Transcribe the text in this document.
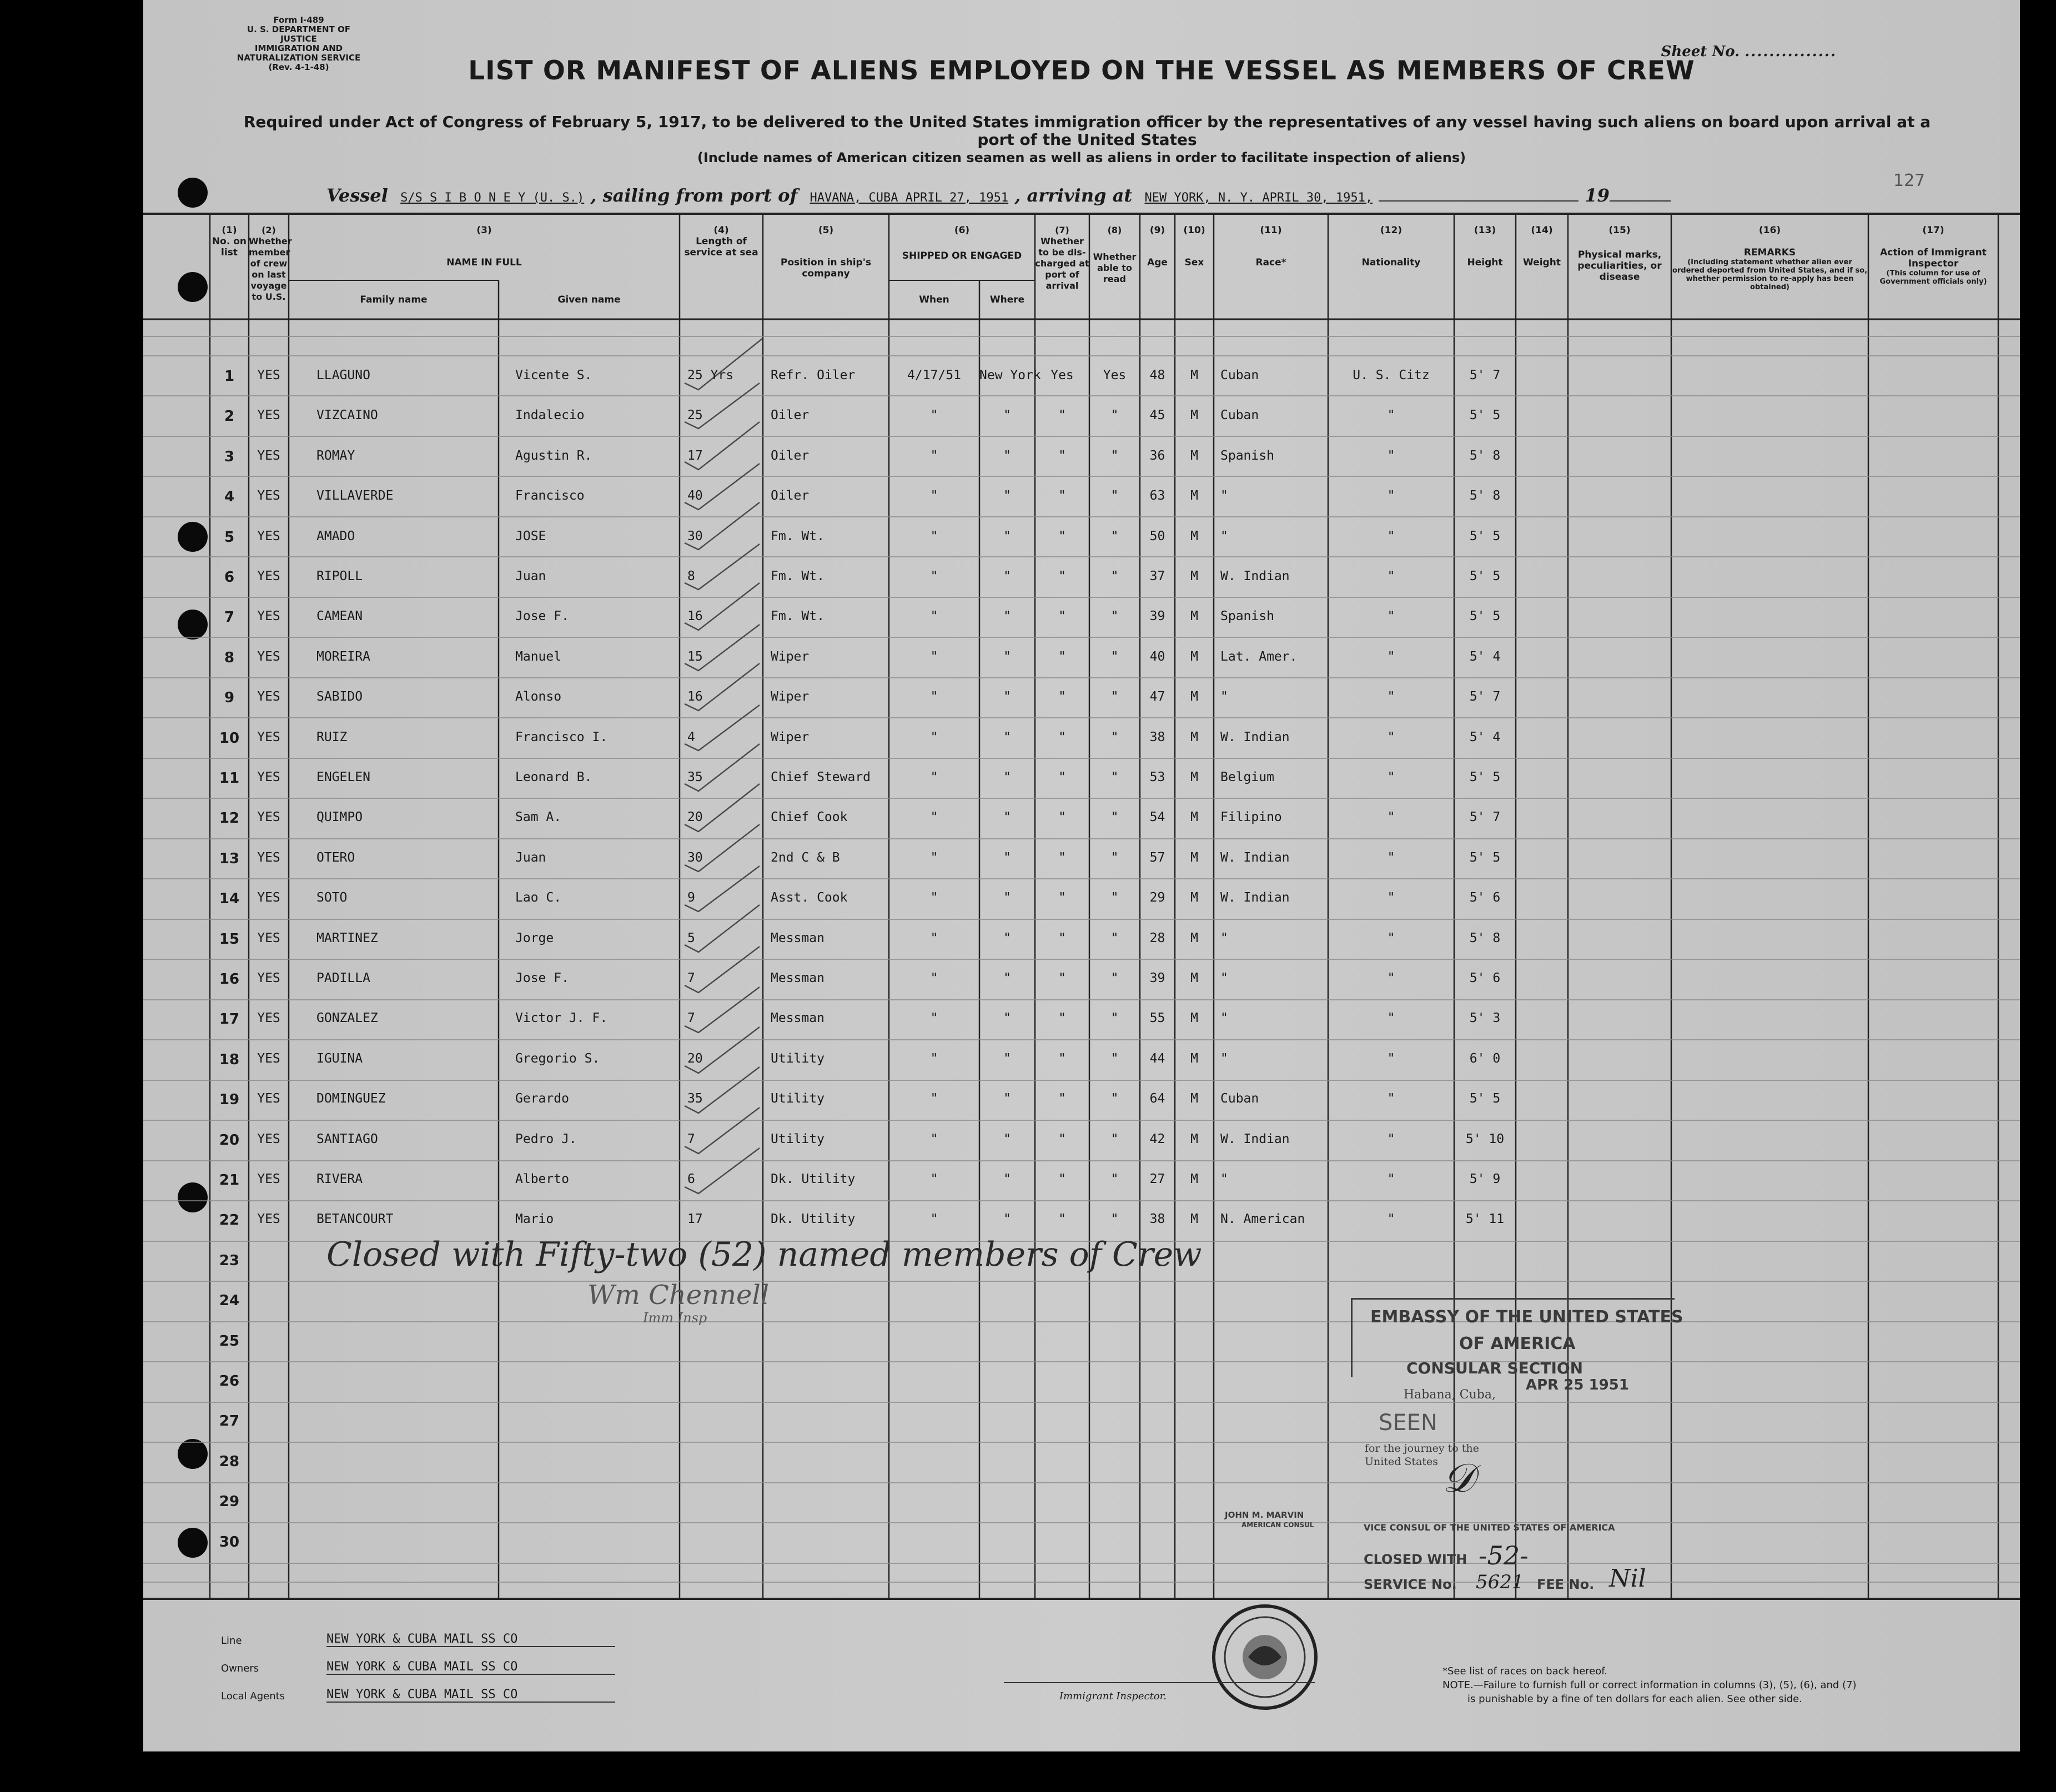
Form I-489
U. S. DEPARTMENT OF JUSTICE
IMMIGRATION AND NATURALIZATION SERVICE
(Rev. 4-1-48)
Sheet No. ...............
LIST OR MANIFEST OF ALIENS EMPLOYED ON THE VESSEL AS MEMBERS OF CREW
Required under Act of Congress of February 5, 1917, to be delivered to the United States immigration officer by the representatives of any vessel having such aliens on board upon arrival at a port of the United States
(Include names of American citizen seamen as well as aliens in order to facilitate inspection of aliens)
Vessel S/S S I B O N E Y (U. S.) , sailing from port of HAVANA, CUBA APRIL 27, 1951 , arriving at NEW YORK, N. Y. APRIL 30, 1951,	19
127
(1)
No. on list
(2)
Whether member of crew on last voyage to U.S.
(3)
NAME IN FULL
Family name	Given name
(4)
Length of service at sea
(5)
Position in ship's company
(6)
SHIPPED OR ENGAGED
When	Where
(7)
Whether to be dis-charged at port of arrival
(8)
Whether able to read
(9)
Age
(10)
Sex
(11)
Race*
(12)
Nationality
(13)
Height
(14)
Weight
(15)
Physical marks, peculiarities, or disease
(16)
REMARKS
(Including statement whether alien ever ordered deported from United States, and if so, whether permission to re-apply has been obtained)
(17)
Action of Immigrant Inspector
(This column for use of Government officials only)
1	YES	LLAGUNO	Vicente S.	25 Yrs	Refr. Oiler	4/17/51	New York Yes	Yes	48	M	Cuban	U. S. Citz	5' 7
2	YES	VIZCAINO	Indalecio	25	Oiler	"	"	"	"	45	M	Cuban	"	5' 5
3	YES	ROMAY	Agustin R.	17	Oiler	"	"	"	"	36	M	Spanish	"	5' 8
4	YES	VILLAVERDE	Francisco	40	Oiler	"	"	"	"	63	M	"	"	5' 8
5	YES	AMADO	JOSE	30	Fm. Wt.	"	"	"	"	50	M	"	"	5' 5
6	YES	RIPOLL	Juan	8	Fm. Wt.	"	"	"	"	37	M	W. Indian	"	5' 5
7	YES	CAMEAN	Jose F.	16	Fm. Wt.	"	"	"	"	39	M	Spanish	"	5' 5
8	YES	MOREIRA	Manuel	15	Wiper	"	"	"	"	40	M	Lat. Amer.	"	5' 4
9	YES	SABIDO	Alonso	16	Wiper	"	"	"	"	47	M	"	"	5' 7
10	YES	RUIZ	Francisco I.	4	Wiper	"	"	"	"	38	M	W. Indian	"	5' 4
11	YES	ENGELEN	Leonard B.	35	Chief Steward	"	"	"	"	53	M	Belgium	"	5' 5
12	YES	QUIMPO	Sam A.	20	Chief Cook	"	"	"	"	54	M	Filipino	"	5' 7
13	YES	OTERO	Juan	30	2nd C & B	"	"	"	"	57	M	W. Indian	"	5' 5
14	YES	SOTO	Lao C.	9	Asst. Cook	"	"	"	"	29	M	W. Indian	"	5' 6
15	YES	MARTINEZ	Jorge	5	Messman	"	"	"	"	28	M	"	"	5' 8
16	YES	PADILLA	Jose F.	7	Messman	"	"	"	"	39	M	"	"	5' 6
17	YES	GONZALEZ	Victor J. F.	7	Messman	"	"	"	"	55	M	"	"	5' 3
18	YES	IGUINA	Gregorio S.	20	Utility	"	"	"	"	44	M	"	"	6' 0
19	YES	DOMINGUEZ	Gerardo	35	Utility	"	"	"	"	64	M	Cuban	"	5' 5
20	YES	SANTIAGO	Pedro J.	7	Utility	"	"	"	"	42	M	W. Indian	"	5' 10
21	YES	RIVERA	Alberto	6	Dk. Utility	"	"	"	"	27	M	"	"	5' 9
22	YES	BETANCOURT	Mario	17	Dk. Utility	"	"	"	"	38	M	N. American	"	5' 11
23
24
25
26
27
28
29
30
Closed with Fifty-two (52) named members of Crew
Wm Chennell
Imm Insp	EMBASSY OF THE UNITED STATES
OF AMERICA
CONSULAR SECTION
Habana, Cuba,
APR 25 1951
SEEN
for the journey to the
United States 𝒟
JOHN M. MARVIN
AMERICAN CONSUL	VICE CONSUL OF THE UNITED STATES OF AMERICA
CLOSED WITH -52-
SERVICE No. 5621 FEE No. Nil
Line	NEW YORK & CUBA MAIL SS CO
Owners	NEW YORK & CUBA MAIL SS CO
Local Agents	NEW YORK & CUBA MAIL SS CO	Immigrant Inspector.
*See list of races on back hereof.
NOTE.—Failure to furnish full or correct information in columns (3), (5), (6), and (7)
is punishable by a fine of ten dollars for each alien. See other side.
